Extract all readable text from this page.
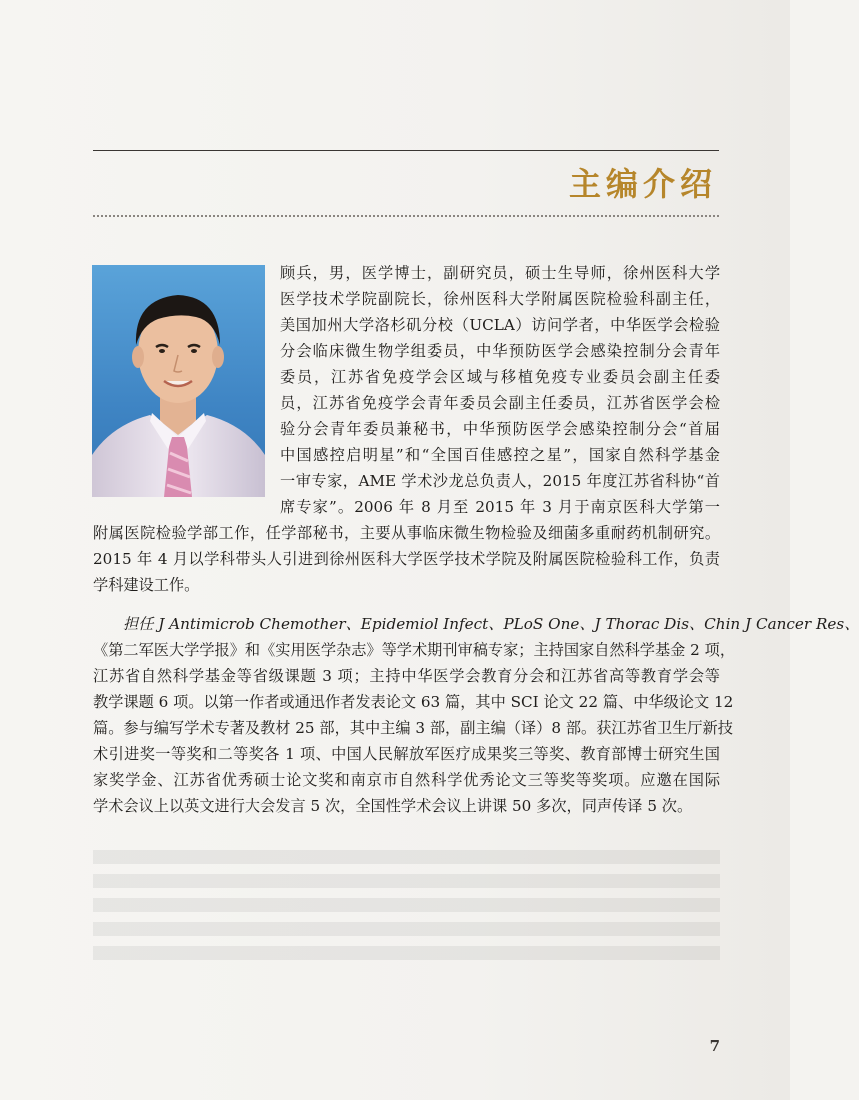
主编介绍
顾兵，男，医学博士，副研究员，硕士生导师，徐州医科大学
医学技术学院副院长，徐州医科大学附属医院检验科副主任，
美国加州大学洛杉矶分校（UCLA）访问学者，中华医学会检验
分会临床微生物学组委员，中华预防医学会感染控制分会青年
委员，江苏省免疫学会区域与移植免疫专业委员会副主任委
员，江苏省免疫学会青年委员会副主任委员，江苏省医学会检
验分会青年委员兼秘书，中华预防医学会感染控制分会“首届
中国感控启明星”和“全国百佳感控之星”，国家自然科学基金
一审专家，AME 学术沙龙总负责人，2015 年度江苏省科协“首
席专家”。2006 年 8 月至 2015 年 3 月于南京医科大学第一
附属医院检验学部工作，任学部秘书，主要从事临床微生物检验及细菌多重耐药机制研究。
2015 年 4 月以学科带头人引进到徐州医科大学医学技术学院及附属医院检验科工作，负责
学科建设工作。
担任 J Antimicrob Chemother、Epidemiol Infect、PLoS One、J Thorac Dis、Chin J Cancer Res、
《第二军医大学学报》和《实用医学杂志》等学术期刊审稿专家；主持国家自然科学基金 2 项，
江苏省自然科学基金等省级课题 3 项；主持中华医学会教育分会和江苏省高等教育学会等
教学课题 6 项。以第一作者或通迅作者发表论文 63 篇，其中 SCI 论文 22 篇、中华级论文 12
篇。参与编写学术专著及教材 25 部，其中主编 3 部，副主编（译）8 部。获江苏省卫生厅新技
术引进奖一等奖和二等奖各 1 项、中国人民解放军医疗成果奖三等奖、教育部博士研究生国
家奖学金、江苏省优秀硕士论文奖和南京市自然科学优秀论文三等奖等奖项。应邀在国际
学术会议上以英文进行大会发言 5 次，全国性学术会议上讲课 50 多次，同声传译 5 次。
7
